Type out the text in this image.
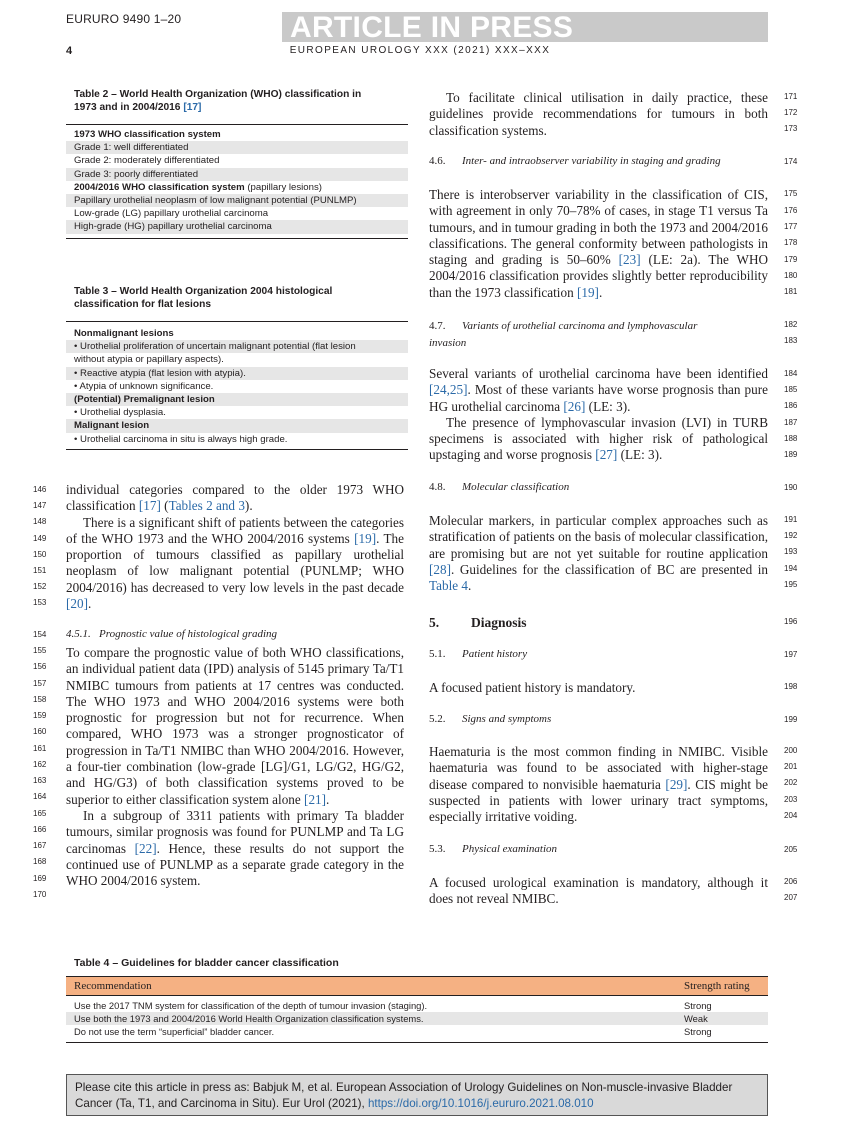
EURURO 9490 1–20	ARTICLE IN PRESS
4	EUROPEAN UROLOGY XXX (2021) XXX–XXX
Table 2 – World Health Organization (WHO) classification in
1973 and in 2004/2016 [17]
1973 WHO classification system
Grade 1: well differentiated
Grade 2: moderately differentiated
Grade 3: poorly differentiated
2004/2016 WHO classification system (papillary lesions)
Papillary urothelial neoplasm of low malignant potential (PUNLMP)
Low-grade (LG) papillary urothelial carcinoma
High-grade (HG) papillary urothelial carcinoma
Table 3 – World Health Organization 2004 histological
classification for flat lesions
Nonmalignant lesions
• Urothelial proliferation of uncertain malignant potential (flat lesion
without atypia or papillary aspects).
• Reactive atypia (flat lesion with atypia).
• Atypia of unknown significance.
(Potential) Premalignant lesion
• Urothelial dysplasia.
Malignant lesion
• Urothelial carcinoma in situ is always high grade.

individual categories compared to the older 1973 WHO classification [17] (Tables 2 and 3).

There is a significant shift of patients between the categories of the WHO 1973 and the WHO 2004/2016 systems [19]. The proportion of tumours classified as papillary urothelial neoplasm of low malignant potential (PUNLMP; WHO 2004/2016) has decreased to very low levels in the past decade [20].

4.5.1. Prognostic value of histological grading

To compare the prognostic value of both WHO classifications, an individual patient data (IPD) analysis of 5145 primary Ta/T1 NMIBC tumours from patients at 17 centres was conducted. The WHO 1973 and WHO 2004/2016 systems were both prognostic for progression but not for recurrence. When compared, WHO 1973 was a stronger prognosticator of progression in Ta/T1 NMIBC than WHO 2004/2016. However, a four-tier combination (low-grade [LG]/G1, LG/G2, HG/G2, and HG/G3) of both classification systems proved to be superior to either classification system alone [21].

In a subgroup of 3311 patients with primary Ta bladder tumours, similar prognosis was found for PUNLMP and Ta LG carcinomas [22]. Hence, these results do not support the continued use of PUNLMP as a separate grade category in the WHO 2004/2016 system.

To facilitate clinical utilisation in daily practice, these guidelines provide recommendations for tumours in both classification systems.
4.6. Inter- and intraobserver variability in staging and grading
There is interobserver variability in the classification of CIS, with agreement in only 70–78% of cases, in stage T1 versus Ta tumours, and in tumour grading in both the 1973 and 2004/2016 classifications. The general conformity between pathologists in staging and grading is 50–60% [23] (LE: 2a). The WHO 2004/2016 classification provides slightly better reproducibility than the 1973 classification [19].
4.7. Variants of urothelial carcinoma and lymphovascular
invasion

Several variants of urothelial carcinoma have been identified [24,25]. Most of these variants have worse prognosis than pure HG urothelial carcinoma [26] (LE: 3).

The presence of lymphovascular invasion (LVI) in TURB specimens is associated with higher risk of pathological upstaging and worse prognosis [27] (LE: 3).

4.8. Molecular classification
Molecular markers, in particular complex approaches such as stratification of patients on the basis of molecular classification, are promising but are not yet suitable for routine application [28]. Guidelines for the classification of BC are presented in Table 4.
5. Diagnosis
5.1. Patient history
A focused patient history is mandatory.
5.2. Signs and symptoms
Haematuria is the most common finding in NMIBC. Visible haematuria was found to be associated with higher-stage disease compared to nonvisible haematuria [29]. CIS might be suspected in patients with lower urinary tract symptoms, especially irritative voiding.
5.3. Physical examination
A focused urological examination is mandatory, although it does not reveal NMIBC.
146
147
148
149
150
151
152
153
154
155
156
157
158
159
160
161
162
163
164
165
166
167
168
169
170
171
172
173
174
175
176
177
178
179
180
181
182
183
184
185
186
187
188
189
190
191
192
193
194
195
196
197
198
199
200
201
202
203
204
205
206
207
Table 4 – Guidelines for bladder cancer classification
Recommendation	Strength rating
Use the 2017 TNM system for classification of the depth of tumour invasion (staging).	Strong
Use both the 1973 and 2004/2016 World Health Organization classification systems.	Weak
Do not use the term “superficial” bladder cancer.	Strong
Please cite this article in press as: Babjuk M, et al. European Association of Urology Guidelines on Non-muscle-invasive Bladder Cancer (Ta, T1, and Carcinoma in Situ). Eur Urol (2021), https://doi.org/10.1016/j.eururo.2021.08.010
